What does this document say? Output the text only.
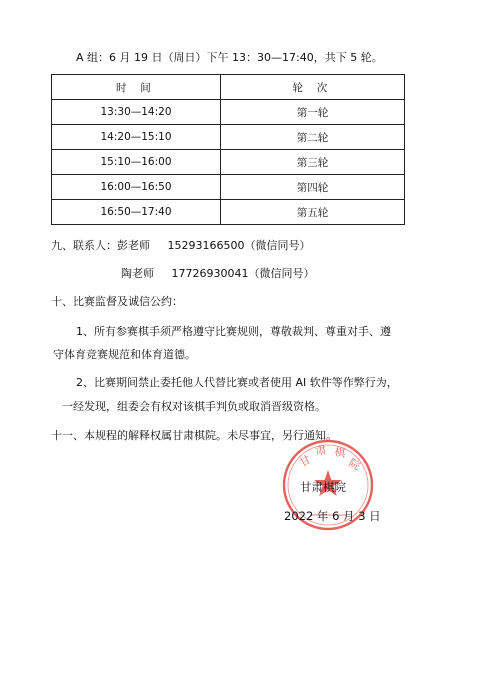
A 组：6 月 19 日（周日）下午 13：30—17:40，共下 5 轮。
时 间	轮 次
13:30—14:20	第一轮
14:20—15:10	第二轮
15:10—16:00	第三轮
16:00—16:50	第四轮
16:50—17:40	第五轮
九、联系人：彭老师 15293166500（微信同号）
陶老师 17726930041（微信同号）
十、比赛监督及诚信公约：
1、所有参赛棋手须严格遵守比赛规则，尊敬裁判、尊重对手、遵
守体育竞赛规范和体育道德。
2、比赛期间禁止委托他人代替比赛或者使用 AI 软件等作弊行为，
一经发现，组委会有权对该棋手判负或取消晋级资格。
十一、本规程的解释权属甘肃棋院。未尽事宜，另行通知。
甘
肃 棋
院
甘肃棋院
2022 年 6 月 3 日
